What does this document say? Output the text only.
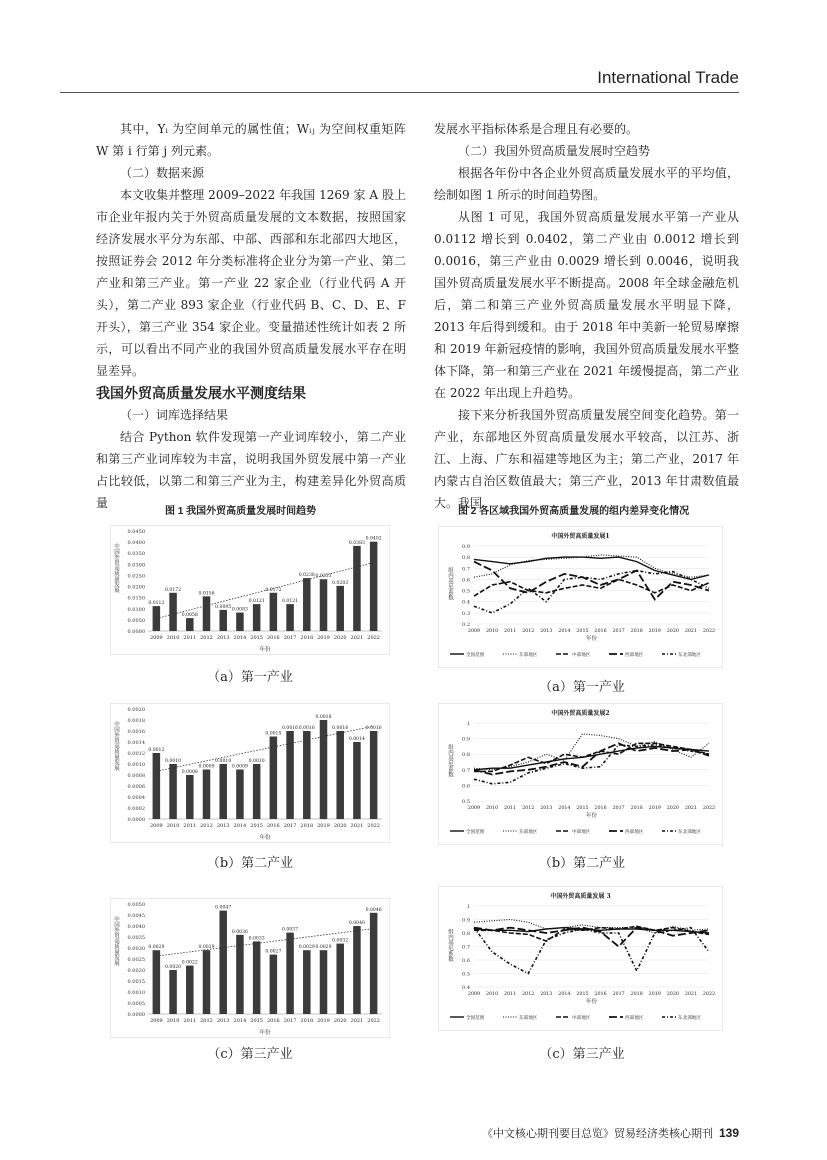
International Trade

其中，Yᵢ 为空间单元的属性值；Wᵢⱼ 为空间权重矩阵 W 第 i 行第 j 列元素。

（二）数据来源

本文收集并整理 2009–2022 年我国 1269 家 A 股上市企业年报内关于外贸高质量发展的文本数据，按照国家经济发展水平分为东部、中部、西部和东北部四大地区，按照证券会 2012 年分类标准将企业分为第一产业、第二产业和第三产业。第一产业 22 家企业（行业代码 A 开头），第二产业 893 家企业（行业代码 B、C、D、E、F 开头），第三产业 354 家企业。变量描述性统计如表 2 所示，可以看出不同产业的我国外贸高质量发展水平存在明显差异。

我国外贸高质量发展水平测度结果

（一）词库选择结果

结合 Python 软件发现第一产业词库较小，第二产业和第三产业词库较为丰富，说明我国外贸发展中第一产业占比较低，以第二和第三产业为主，构建差异化外贸高质量

发展水平指标体系是合理且有必要的。

（二）我国外贸高质量发展时空趋势

根据各年份中各企业外贸高质量发展水平的平均值，绘制如图 1 所示的时间趋势图。

从图 1 可见，我国外贸高质量发展水平第一产业从 0.0112 增长到 0.0402，第二产业由 0.0012 增长到 0.0016，第三产业由 0.0029 增长到 0.0046，说明我国外贸高质量发展水平不断提高。2008 年全球金融危机后，第二和第三产业外贸高质量发展水平明显下降，2013 年后得到缓和。由于 2018 年中美新一轮贸易摩擦和 2019 年新冠疫情的影响，我国外贸高质量发展水平整体下降，第一和第三产业在 2021 年缓慢提高，第二产业在 2022 年出现上升趋势。

接下来分析我国外贸高质量发展空间变化趋势。第一产业，东部地区外贸高质量发展水平较高，以江苏、浙江、上海、广东和福建等地区为主；第二产业，2017 年内蒙古自治区数值最大；第三产业，2013 年甘肃数值最大。我国

图 1 我国外贸高质量发展时间趋势	图 2 各区域我国外贸高质量发展的组内差异变化情况
0.0000
0.0050
0.0100
0.0150
0.0200
0.0250
0.0300
0.0350
0.0400
0.0450
0.0112
2009
0.0172
2010
0.0058
2011
0.0156
2012
0.0095
2013
0.0083
2014
0.0121
2015
0.0172
2016
0.0121
2017
0.0238
2018
0.0233
2019
0.0203
2020
0.0383
2021
0.0402
2022
年份
中国外贸高质量发展
（a）第一产业
0.0000
0.0002
0.0004
0.0006
0.0008
0.0010
0.0012
0.0014
0.0016
0.0018
0.0020
0.0012
2009
0.0010
2010
0.0008
2011
0.0009
2012
0.0010
2013
0.0009
2014
0.0010
2015
0.0015
2016
0.0016
2017
0.0016
2018
0.0018
2019
0.0016
2020
0.0014
2021
0.0016
2022
年份
中国外贸高质量发展
（b）第二产业
0.0000
0.0005
0.0010
0.0015
0.0020
0.0025
0.0030
0.0035
0.0040
0.0045
0.0050
0.0029
2009
0.0020
2010
0.0022
2011
0.0029
2012
0.0047
2013
0.0036
2014
0.0033
2015
0.0027
2016
0.0037
2017
0.0029
2018
0.0029
2019
0.0032
2020
0.0040
2021
0.0046
2022
年份
中国外贸高质量发展
（c）第三产业
中国外贸高质量发展1
0.2
0.3
0.4
0.5
0.6
0.7
0.8
0.9
2009 2010 2011 2012 2013 2014 2015 2016 2017 2018 2019 2020 2021 2022
年份
组内基尼系数
全国范围	东部地区	中部地区	西部地区	东北部地区
（a）第一产业
中国外贸高质量发展2
0.5
0.6
0.7
0.8
0.9
1
2009 2010 2011 2012 2013 2014 2015 2016 2017 2018 2019 2020 2021 2022
年份
组内基尼系数
全国范围	东部地区	中部地区	西部地区	东北部地区
（b）第二产业
中国外贸高质量发展 3
0.4
0.5
0.6
0.7
0.8
0.9
1
2009 2010 2011 2012 2013 2014 2015 2016 2017 2018 2019 2020 2021 2022
年份
组内基尼系数
全国范围	东部地区	中部地区	西部地区	东北部地区
（c）第三产业
《中文核心期刊要目总览》贸易经济类核心期刊 139
